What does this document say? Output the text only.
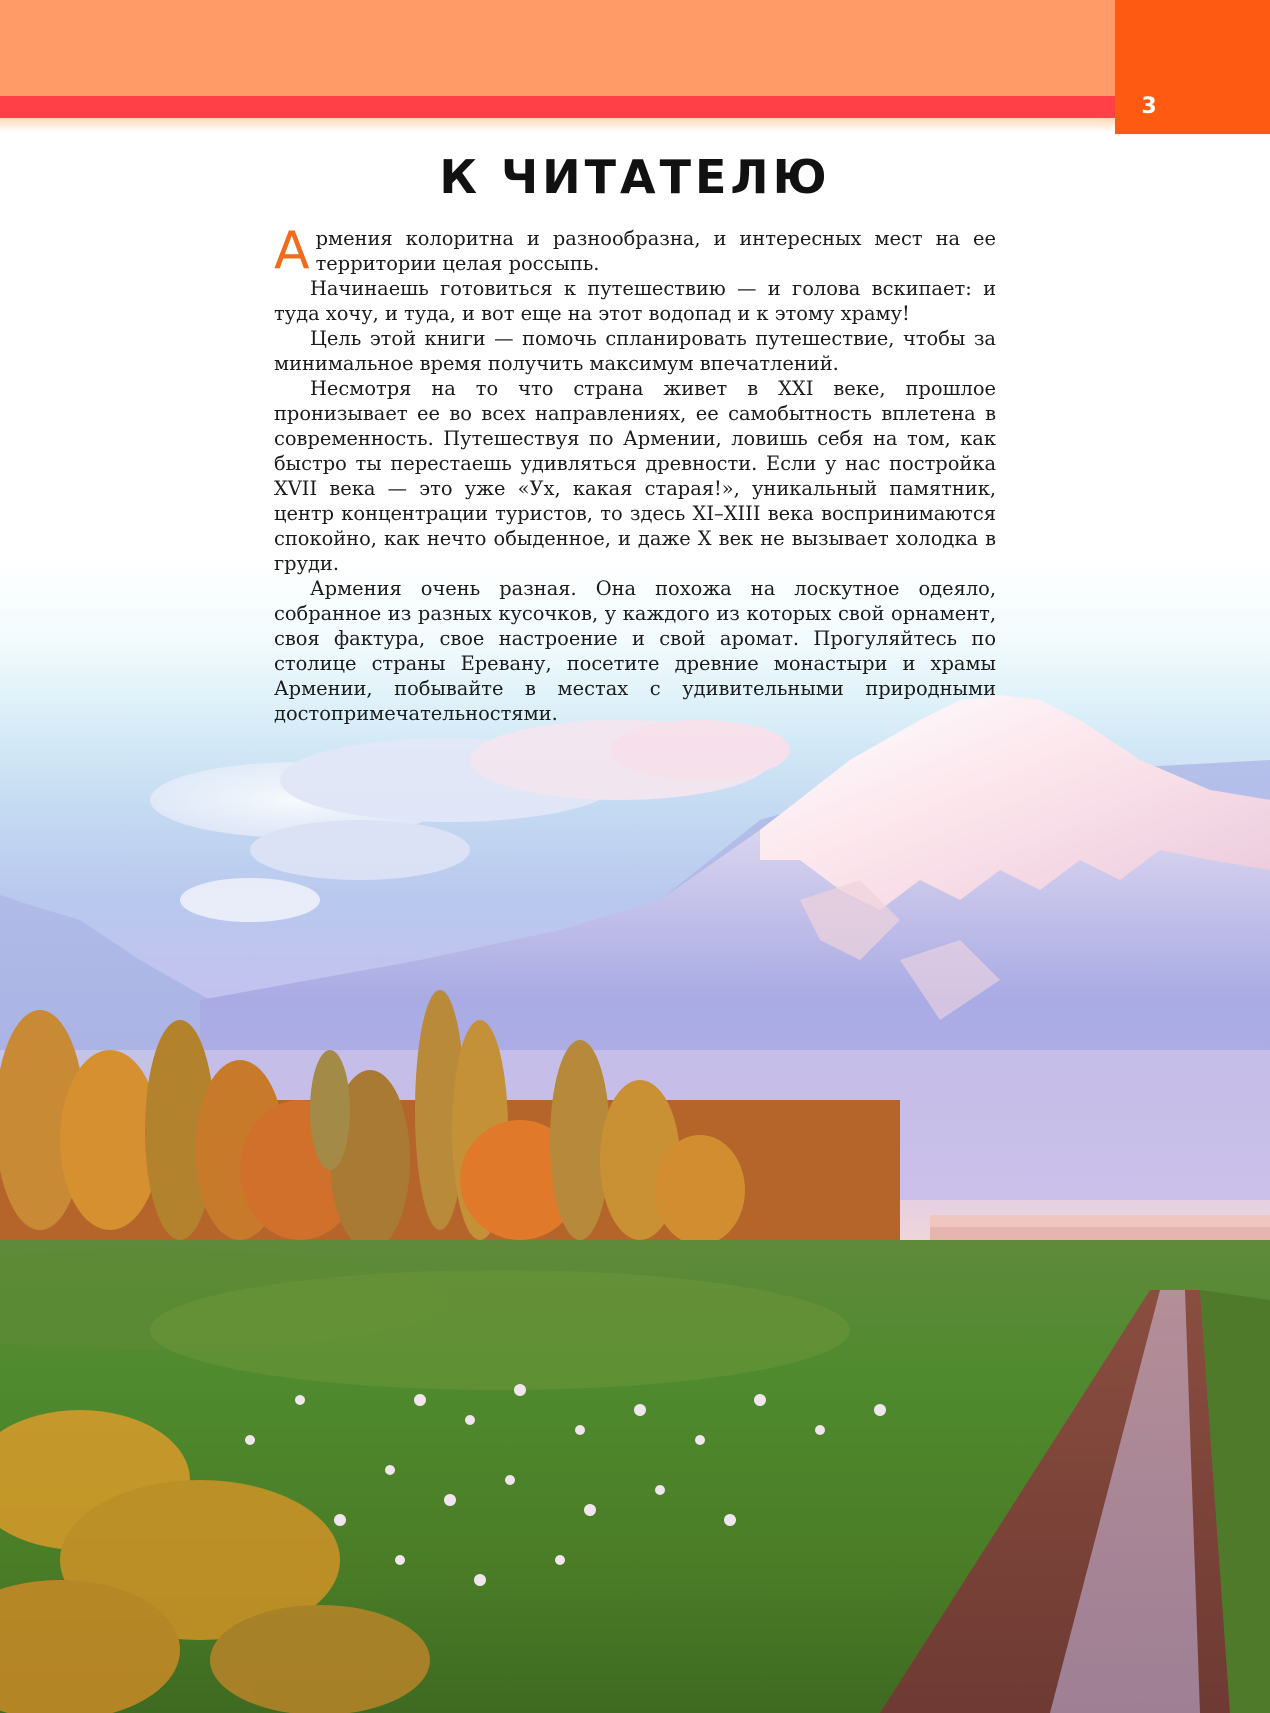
3
К ЧИТАТЕЛЮ

Армения колоритна и разнообразна, и интересных мест на ее территории целая россыпь.

Начинаешь готовиться к путешествию — и голова вскипает: и туда хочу, и туда, и вот еще на этот водопад и к этому храму!

Цель этой книги — помочь спланировать путешествие, чтобы за минимальное время получить максимум впечатлений.

Несмотря на то что страна живет в XXI веке, прошлое пронизывает ее во всех направлениях, ее самобытность вплетена в современность. Путешествуя по Армении, ловишь себя на том, как быстро ты перестаешь удивляться древности. Если у нас постройка XVII века — это уже «Ух, какая старая!», уникальный памятник, центр концентрации туристов, то здесь XI–XIII века воспринимаются спокойно, как нечто обыденное, и даже X век не вызывает холодка в груди.

Армения очень разная. Она похожа на лоскутное одеяло, собранное из разных кусочков, у каждого из которых свой орнамент, своя фактура, свое настроение и свой аромат. Прогуляйтесь по столице страны Еревану, посетите древние монастыри и храмы Армении, побывайте в местах с удивительными природными достопримечательностями.
